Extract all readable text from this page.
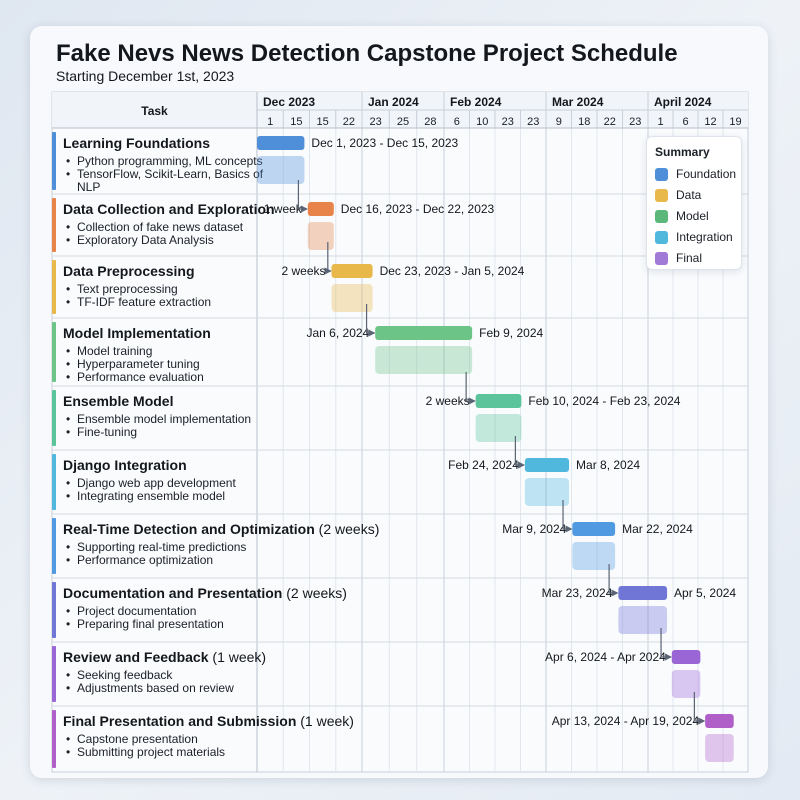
Fake Nevs News Detection Capstone Project Schedule
Starting December 1st, 2023
Dec 2023
1 15 15 22
Jan 2024
23 25 28
Feb 2024
6 10 23 23
Mar 2024
9 18 22 23
April 2024
1 6 12 19
Task
Learning Foundations
• Python programming, ML concepts
• TensorFlow, Scikit-Learn, Basics of
NLP
Dec 1, 2023 - Dec 15, 2023
Data Collection and Exploration
• Collection of fake news dataset
• Exploratory Data Analysis
1 week	Dec 16, 2023 - Dec 22, 2023
Data Preprocessing
• Text preprocessing
• TF-IDF feature extraction
2 weeks	Dec 23, 2023 - Jan 5, 2024
Model Implementation
• Model training
• Hyperparameter tuning
• Performance evaluation
Jan 6, 2024	Feb 9, 2024
Ensemble Model
• Ensemble model implementation
• Fine-tuning
2 weeks	Feb 10, 2024 - Feb 23, 2024
Django Integration
• Django web app development
• Integrating ensemble model
Feb 24, 2024	Mar 8, 2024
Real-Time Detection and Optimization (2 weeks)
• Supporting real-time predictions
• Performance optimization
Mar 9, 2024	Mar 22, 2024
Documentation and Presentation (2 weeks)
• Project documentation
• Preparing final presentation
Mar 23, 2024	Apr 5, 2024
Review and Feedback (1 week)
• Seeking feedback
• Adjustments based on review
Apr 6, 2024 - Apr 2024
Final Presentation and Submission (1 week)
• Capstone presentation
• Submitting project materials
Apr 13, 2024 - Apr 19, 2024
Summary
Foundation
Data
Model
Integration
Final
